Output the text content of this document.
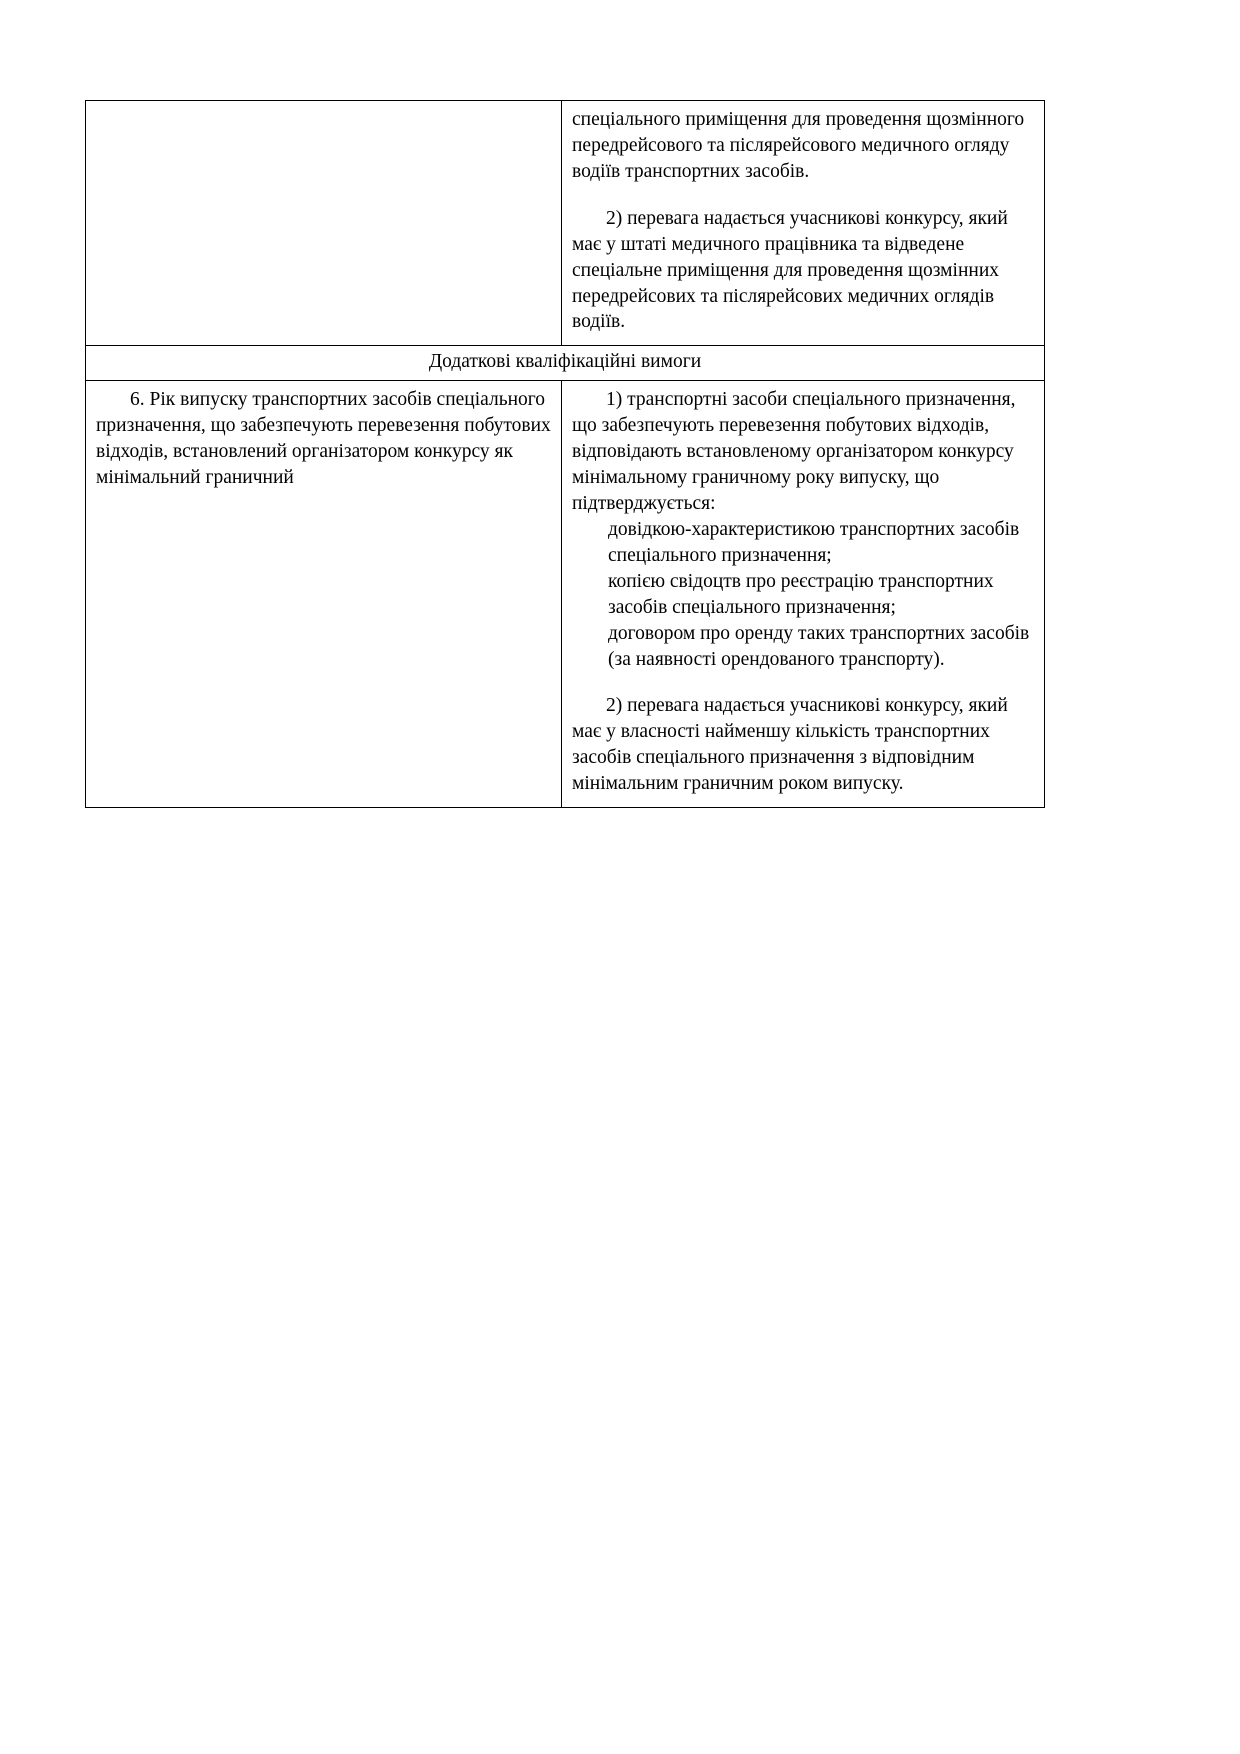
	спеціального приміщення для проведення щозмінного передрейсового та післярейсового медичного огляду водіїв транспортних засобів.

2) перевага надається учасникові конкурсу, який має у штаті медичного працівника та відведене спеціальне приміщення для проведення щозмінних передрейсових та післярейсових медичних оглядів водіїв.

Додаткові кваліфікаційні вимоги	

6. Рік випуску транспортних засобів спеціального призначення, що забезпечують перевезення побутових відходів, встановлений організатором конкурсу як мінімальний граничний	1) транспортні засоби спеціального призначення, що забезпечують перевезення побутових відходів, відповідають встановленому організатором конкурсу мінімальному граничному року випуску, що підтверджується:

довідкою-характеристикою транспортних засобів спеціального призначення;

копією свідоцтв про реєстрацію транспортних засобів спеціального призначення;

договором про оренду таких транспортних засобів (за наявності орендованого транспорту).

2) перевага надається учасникові конкурсу, який має у власності найменшу кількість транспортних засобів спеціального призначення з відповідним мінімальним граничним роком випуску.
